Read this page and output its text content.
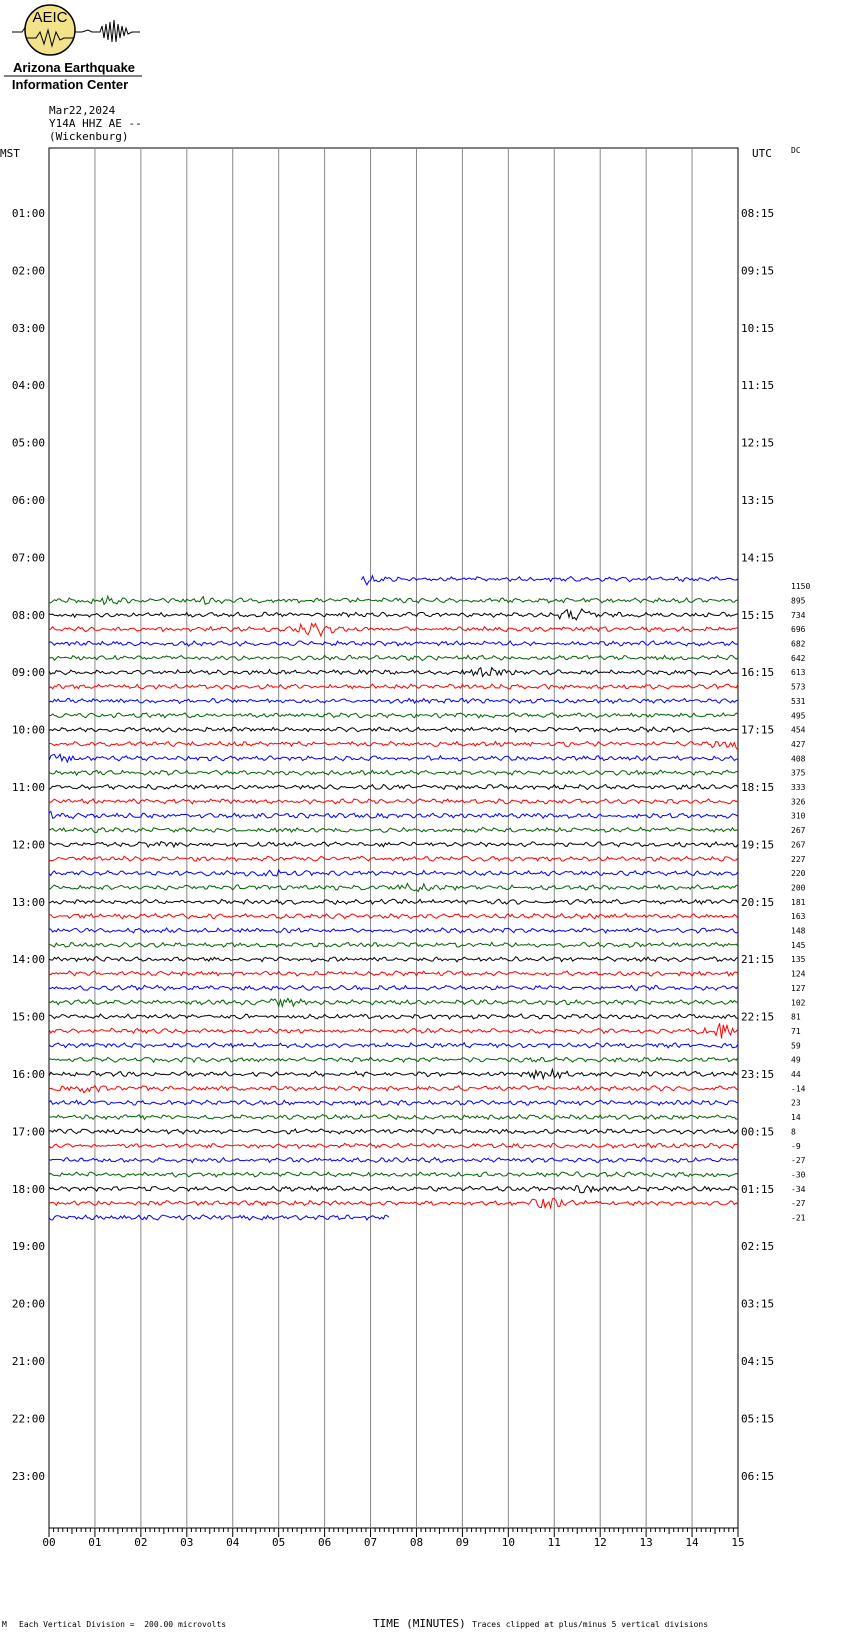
AEIC
Arizona Earthquake
Information Center
Mar22,2024
Y14A HHZ AE --
(Wickenburg)
01:00
02:00
03:00
04:00
05:00
06:00
07:00
08:00
09:00
10:00
11:00
12:00
13:00
14:00
15:00
16:00
17:00
18:00
19:00
20:00
21:00
22:00
23:00
08:15
09:15
10:15
11:15
12:15
13:15
14:15
15:15
16:15
17:15
18:15
19:15
20:15
21:15
22:15
23:15
00:15
01:15
02:15
03:15
04:15
05:15
06:15
00	01	02	03	04	05	06	07	08	09	10	11	12	13	14	15
1150
895
734
696
682
642
613
573
531
495
454
427
408
375
333
326
310
267
267
227
220
200
181
163
148
145
135
124
127
102
81
71
59
49
44
-14
23
14
8
-9
-27
-30
-34
-27
-21
MST	UTC DC
M Each Vertical Division =  200.00 microvolts	TIME (MINUTES) Traces clipped at plus/minus 5 vertical divisions
